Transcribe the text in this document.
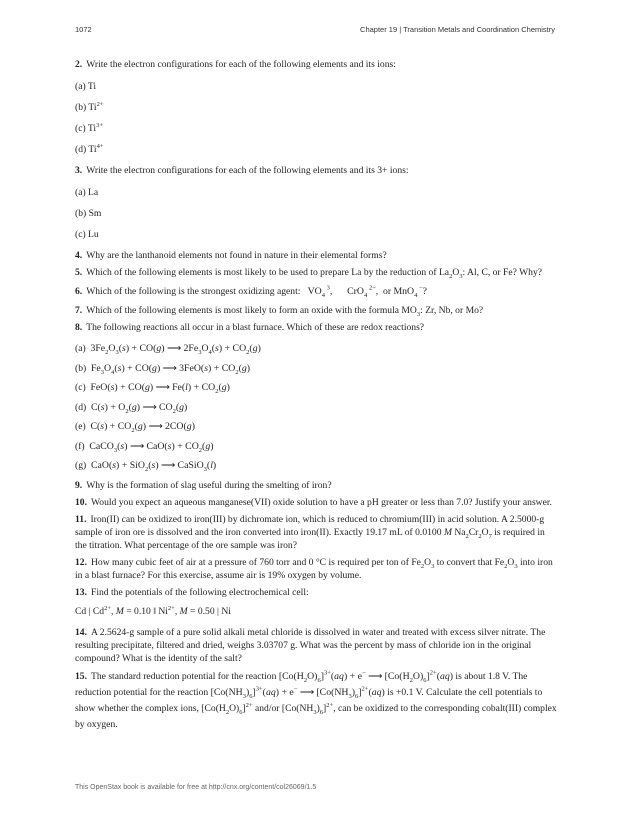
1072	Chapter 19 | Transition Metals and Coordination Chemistry
2. Write the electron configurations for each of the following elements and its ions:
(a) Ti
(b) $Ti^{2+}$
(c) $Ti^{3+}$
(d) $Ti^{4+}$
3. Write the electron configurations for each of the following elements and its 3+ ions:
(a) La
(b) Sm
(c) Lu
4. Why are the lanthanoid elements not found in nature in their elemental forms?
5. Which of the following elements is most likely to be used to prepare La by the reduction of $La_2O_3$: Al, C, or Fe? Why?
6. Which of the following is the strongest oxidizing agent:   $VO_4$ $^3$, CrO$_4$ $^{2-}$, or MnO$_4$ −?
7. Which of the following elements is most likely to form an oxide with the formula $MO_3$: Zr, Nb, or Mo?
8. The following reactions all occur in a blast furnace. Which of these are redox reactions?
(a) $3Fe_2O_3(s) + CO(g)$ ⟶ $2Fe_3O_4(s) + CO_2(g)$
(b) $Fe_3O_4(s) + CO(g)$ ⟶ $3FeO(s) + CO_2(g)$
(c) FeO(s) + CO(g) ⟶ $Fe(l) + CO_2(g)$
(d) $C(s) + O_2(g)$ ⟶ $CO_2(g)$
(e) $C(s) + CO_2(g)$ ⟶ 2CO(g)
(f) CaCO$_3$(s) ⟶ $CaO(s) + CO_2(g)$
(g) CaO(s) + SiO$_2$(s) ⟶ CaSiO$_3$(l)
9. Why is the formation of slag useful during the smelting of iron?
10. Would you expect an aqueous manganese(VII) oxide solution to have a pH greater or less than 7.0? Justify your answer.
11. Iron(II) can be oxidized to iron(III) by dichromate ion, which is reduced to chromium(III) in acid solution. A 2.5000-g sample of iron ore is dissolved and the iron converted into iron(II). Exactly 19.17 mL of 0.0100 M $Na_2Cr_2O_7$ is required in the titration. What percentage of the ore sample was iron?
12. How many cubic feet of air at a pressure of 760 torr and 0 °C is required per ton of $Fe_2O_3$ to convert that $Fe_2O_3$ into iron in a blast furnace? For this exercise, assume air is 19% oxygen by volume.
13. Find the potentials of the following electrochemical cell:
Cd | $Cd^{2+}$, M = 0.10 ‖ $Ni^{2+}$, M = 0.50 | Ni
14. A 2.5624-g sample of a pure solid alkali metal chloride is dissolved in water and treated with excess silver nitrate. The resulting precipitate, filtered and dried, weighs 3.03707 g. What was the percent by mass of chloride ion in the original compound? What is the identity of the salt?
15. The standard reduction potential for the reaction $[Co(H_2O)_6]^{3+}(aq) + e^-$ ⟶ $[Co(H_2O)_6]^{2+}(aq)$ is about 1.8 V. The reduction potential for the reaction $[Co(NH_3)_6]^{3+}(aq) + e^-$ ⟶ $[Co(NH_3)_6]^{2+}(aq)$ is +0.1 V. Calculate the cell potentials to show whether the complex ions, $[Co(H_2O)_6]^{2+}$ and/or $[Co(NH_3)_6]^{2+}$, can be oxidized to the corresponding cobalt(III) complex by oxygen.
This OpenStax book is available for free at http://cnx.org/content/col26069/1.5
